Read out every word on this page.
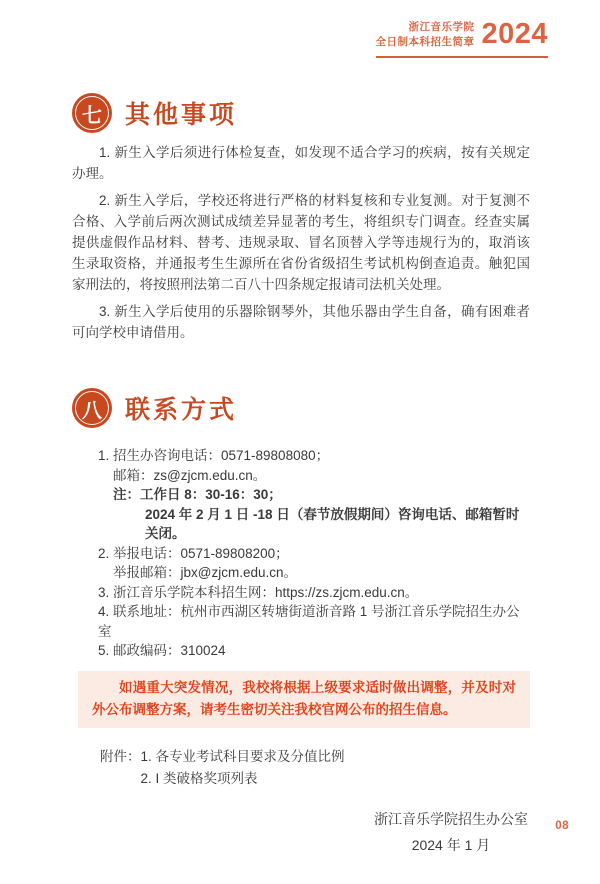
浙江音乐学院
全日制本科招生简章 2024
七 其他事项

1. 新生入学后须进行体检复查，如发现不适合学习的疾病，按有关规定办理。

2. 新生入学后，学校还将进行严格的材料复核和专业复测。对于复测不合格、入学前后两次测试成绩差异显著的考生，将组织专门调查。经查实属提供虚假作品材料、替考、违规录取、冒名顶替入学等违规行为的，取消该生录取资格，并通报考生生源所在省份省级招生考试机构倒查追责。触犯国家刑法的，将按照刑法第二百八十四条规定报请司法机关处理。

3. 新生入学后使用的乐器除钢琴外，其他乐器由学生自备，确有困难者可向学校申请借用。

八 联系方式
1. 招生办咨询电话：0571-89808080；
邮箱：zs@zjcm.edu.cn。
注：工作日 8：30-16：30；
2024 年 2 月 1 日 -18 日（春节放假期间）咨询电话、邮箱暂时关闭。
2. 举报电话：0571-89808200；
举报邮箱：jbx@zjcm.edu.cn。
3. 浙江音乐学院本科招生网：https://zs.zjcm.edu.cn。
4. 联系地址：杭州市西湖区转塘街道浙音路 1 号浙江音乐学院招生办公室
5. 邮政编码：310024

如遇重大突发情况，我校将根据上级要求适时做出调整，并及时对外公布调整方案，请考生密切关注我校官网公布的招生信息。

附件： 1. 各专业考试科目要求及分值比例
2. I 类破格奖项列表
浙江音乐学院招生办公室
2024 年 1 月
08
